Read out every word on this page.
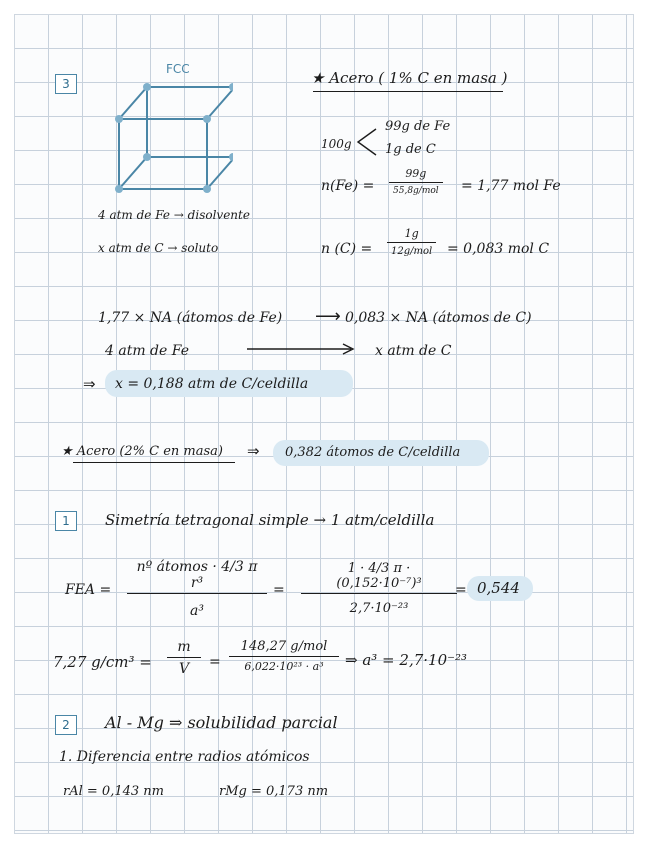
3
FCC	★ Acero ( 1% C en masa )
100g
99g de Fe
1g de C
n(Fe) =
99g
55,8g/mol = 1,77 mol Fe
4 atm de Fe → disolvente
x atm de C → soluto	n (C) =
1g
12g/mol = 0,083 mol C
1,77 × NA (átomos de Fe) ⟶ 0,083 × NA (átomos de C)
4 atm de Fe	x atm de C
⇒ x = 0,188 atm de C/celdilla
★ Acero (2% C en masa) ⇒ 0,382 átomos de C/celdilla
1	Simetría tetragonal simple → 1 atm/celdilla
FEA =
nº átomos · 4/3 π r³
a³
= $\frac{\text{1 · 4/3 π · (0,152·10⁻⁷)³}}{\text{2,7·10⁻²³}}$
= 0,544
7,27 $g/cm^3 = \frac{m}{V}$ =
148,27 g/mol
6,022·10²³ · a³	⇒ a³ = 2,7·10⁻²³
2	Al - Mg ⇒ solubilidad parcial
1. Diferencia entre radios atómicos
rAl = 0,143 nm	rMg = 0,173 nm
